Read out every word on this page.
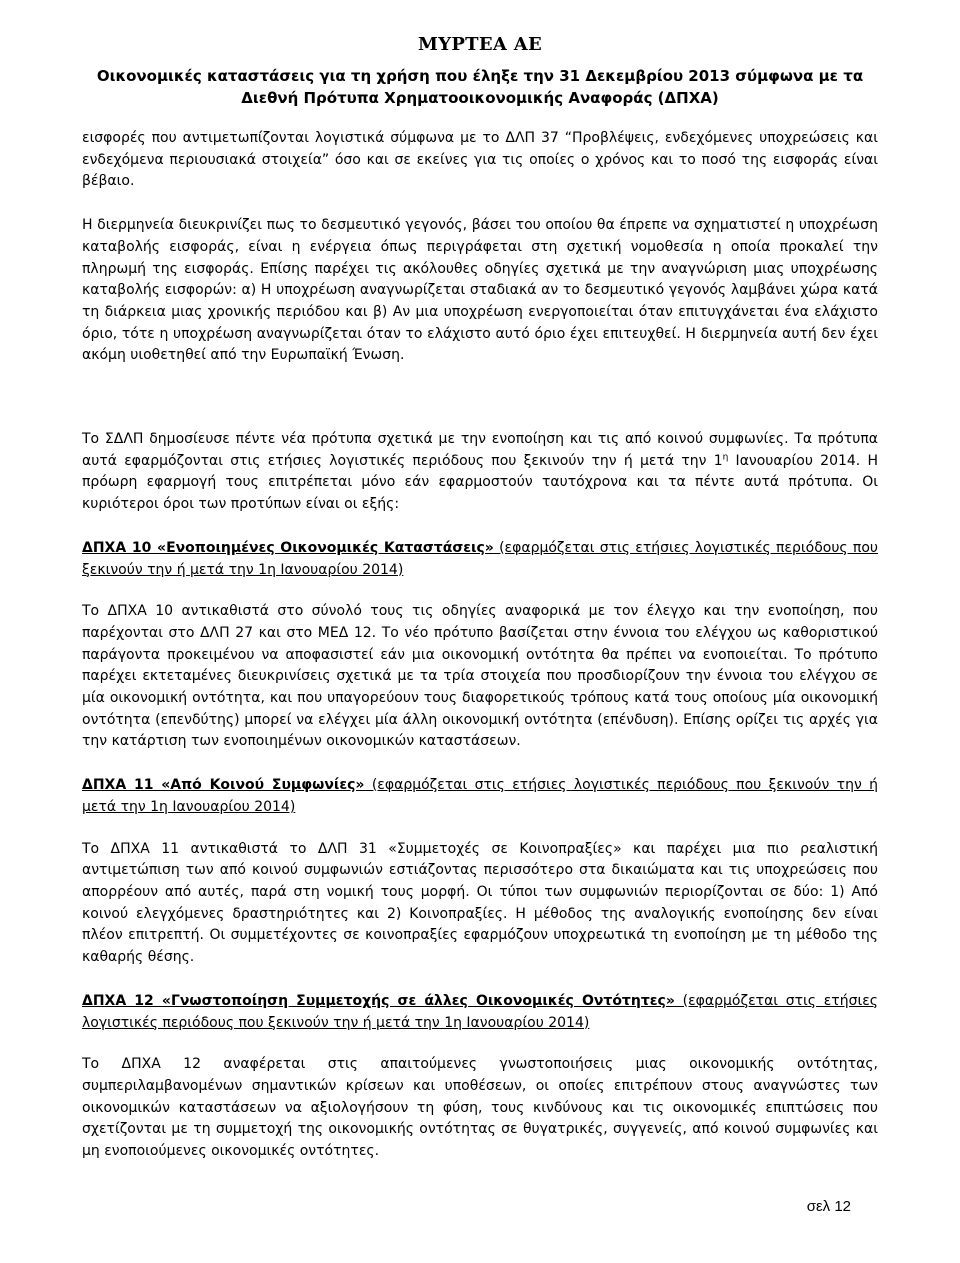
ΜΥΡΤΕΑ ΑΕ
Οικονομικές καταστάσεις για τη χρήση που έληξε την 31 Δεκεμβρίου 2013 σύμφωνα με τα
Διεθνή Πρότυπα Χρηματοοικονομικής Αναφοράς (ΔΠΧΑ)

εισφορές που αντιμετωπίζονται λογιστικά σύμφωνα με το ΔΛΠ 37 “Προβλέψεις, ενδεχόμενες υποχρεώσεις και ενδεχόμενα περιουσιακά στοιχεία” όσο και σε εκείνες για τις οποίες ο χρόνος και το ποσό της εισφοράς είναι βέβαιο.

Η διερμηνεία διευκρινίζει πως το δεσμευτικό γεγονός, βάσει του οποίου θα έπρεπε να σχηματιστεί η υποχρέωση καταβολής εισφοράς, είναι η ενέργεια όπως περιγράφεται στη σχετική νομοθεσία η οποία προκαλεί την πληρωμή της εισφοράς. Επίσης παρέχει τις ακόλουθες οδηγίες σχετικά με την αναγνώριση μιας υποχρέωσης καταβολής εισφορών: α) Η υποχρέωση αναγνωρίζεται σταδιακά αν το δεσμευτικό γεγονός λαμβάνει χώρα κατά τη διάρκεια μιας χρονικής περιόδου και β) Αν μια υποχρέωση ενεργοποιείται όταν επιτυγχάνεται ένα ελάχιστο όριο, τότε η υποχρέωση αναγνωρίζεται όταν το ελάχιστο αυτό όριο έχει επιτευχθεί. Η διερμηνεία αυτή δεν έχει ακόμη υιοθετηθεί από την Ευρωπαϊκή Ένωση.

Το ΣΔΛΠ δημοσίευσε πέντε νέα πρότυπα σχετικά με την ενοποίηση και τις από κοινού συμφωνίες. Τα πρότυπα αυτά εφαρμόζονται στις ετήσιες λογιστικές περιόδους που ξεκινούν την ή μετά την $1^\eta$ Ιανουαρίου 2014. Η πρόωρη εφαρμογή τους επιτρέπεται μόνο εάν εφαρμοστούν ταυτόχρονα και τα πέντε αυτά πρότυπα. Οι κυριότεροι όροι των προτύπων είναι οι εξής:

ΔΠΧΑ 10 «Ενοποιημένες Οικονομικές Καταστάσεις» (εφαρμόζεται στις ετήσιες λογιστικές περιόδους που ξεκινούν την ή μετά την 1η Ιανουαρίου 2014)

Το ΔΠΧΑ 10 αντικαθιστά στο σύνολό τους τις οδηγίες αναφορικά με τον έλεγχο και την ενοποίηση, που παρέχονται στο ΔΛΠ 27 και στο ΜΕΔ 12. Το νέο πρότυπο βασίζεται στην έννοια του ελέγχου ως καθοριστικού παράγοντα προκειμένου να αποφασιστεί εάν μια οικονομική οντότητα θα πρέπει να ενοποιείται. Το πρότυπο παρέχει εκτεταμένες διευκρινίσεις σχετικά με τα τρία στοιχεία που προσδιορίζουν την έννοια του ελέγχου σε μία οικονομική οντότητα, και που υπαγορεύουν τους διαφορετικούς τρόπους κατά τους οποίους μία οικονομική οντότητα (επενδύτης) μπορεί να ελέγχει μία άλλη οικονομική οντότητα (επένδυση). Επίσης ορίζει τις αρχές για την κατάρτιση των ενοποιημένων οικονομικών καταστάσεων.

ΔΠΧΑ 11 «Από Κοινού Συμφωνίες» (εφαρμόζεται στις ετήσιες λογιστικές περιόδους που ξεκινούν την ή μετά την 1η Ιανουαρίου 2014)

Το ΔΠΧΑ 11 αντικαθιστά το ΔΛΠ 31 «Συμμετοχές σε Κοινοπραξίες» και παρέχει μια πιο ρεαλιστική αντιμετώπιση των από κοινού συμφωνιών εστιάζοντας περισσότερο στα δικαιώματα και τις υποχρεώσεις που απορρέουν από αυτές, παρά στη νομική τους μορφή. Οι τύποι των συμφωνιών περιορίζονται σε δύο: 1) Από κοινού ελεγχόμενες δραστηριότητες και 2) Κοινοπραξίες. Η μέθοδος της αναλογικής ενοποίησης δεν είναι πλέον επιτρεπτή. Οι συμμετέχοντες σε κοινοπραξίες εφαρμόζουν υποχρεωτικά τη ενοποίηση με τη μέθοδο της καθαρής θέσης.

ΔΠΧΑ 12 «Γνωστοποίηση Συμμετοχής σε άλλες Οικονομικές Οντότητες» (εφαρμόζεται στις ετήσιες λογιστικές περιόδους που ξεκινούν την ή μετά την 1η Ιανουαρίου 2014)

Το ΔΠΧΑ 12 αναφέρεται στις απαιτούμενες γνωστοποιήσεις μιας οικονομικής οντότητας, συμπεριλαμβανομένων σημαντικών κρίσεων και υποθέσεων, οι οποίες επιτρέπουν στους αναγνώστες των οικονομικών καταστάσεων να αξιολογήσουν τη φύση, τους κινδύνους και τις οικονομικές επιπτώσεις που σχετίζονται με τη συμμετοχή της οικονομικής οντότητας σε θυγατρικές, συγγενείς, από κοινού συμφωνίες και μη ενοποιούμενες οικονομικές οντότητες.

σελ 12
